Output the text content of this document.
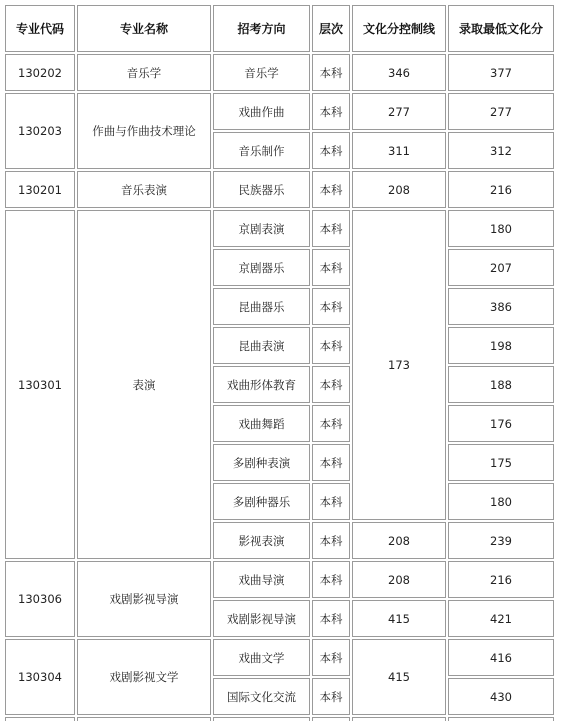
专业代码	专业名称	招考方向	层次	文化分控制线	录取最低文化分
130202	音乐学	音乐学	本科	346	377
130203	作曲与作曲技术理论	戏曲作曲	本科	277	277
		音乐制作	本科	311	312
130201	音乐表演	民族器乐	本科	208	216
130301	表演	京剧表演	本科	173	180
		京剧器乐	本科		207
		昆曲器乐	本科		386
		昆曲表演	本科		198
		戏曲形体教育	本科		188
		戏曲舞蹈	本科		176
		多剧种表演	本科		175
		多剧种器乐	本科		180
		影视表演	本科	208	239
130306	戏剧影视导演	戏曲导演	本科	208	216
		戏剧影视导演	本科	415	421
130304	戏剧影视文学	戏曲文学	本科	415	416
		国际文化交流	本科		430
